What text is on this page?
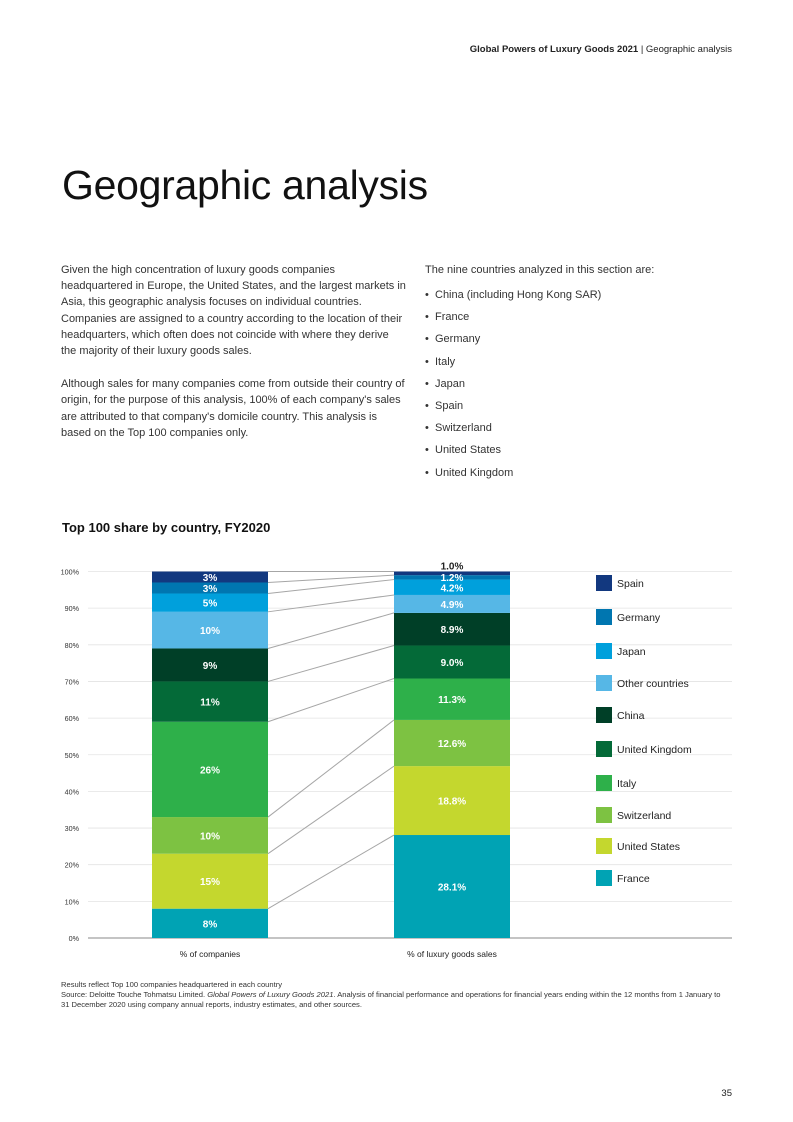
Global Powers of Luxury Goods 2021 | Geographic analysis
Geographic analysis

Given the high concentration of luxury goods companies headquartered in Europe, the United States, and the largest markets in Asia, this geographic analysis focuses on individual countries. Companies are assigned to a country according to the location of their headquarters, which often does not coincide with where they derive the majority of their luxury goods sales.

Although sales for many companies come from outside their country of origin, for the purpose of this analysis, 100% of each company's sales are attributed to that company's domicile country. This analysis is based on the Top 100 companies only.

The nine countries analyzed in this section are:

• China (including Hong Kong SAR)
• France
• Germany
• Italy
• Japan
• Spain
• Switzerland
• United States
• United Kingdom
Top 100 share by country, FY2020
0%
10%
20%
30%
40%
50%
60%
70%
80%
90%
100%
8%
28.1%
15%
18.8%
10%
12.6%
26%
11.3%
11%
9.0%
9%
8.9%
10%
4.9%
5%
4.2%
3%
1.2%
3%
1.0%
% of companies	% of luxury goods sales
Spain
Germany
Japan
Other countries
China
United Kingdom
Italy
Switzerland
United States
France
Results reflect Top 100 companies headquartered in each country
Source: Deloitte Touche Tohmatsu Limited. Global Powers of Luxury Goods 2021. Analysis of financial performance and operations for financial years ending within the 12 months from 1 January to 31 December 2020 using company annual reports, industry estimates, and other sources.
35
